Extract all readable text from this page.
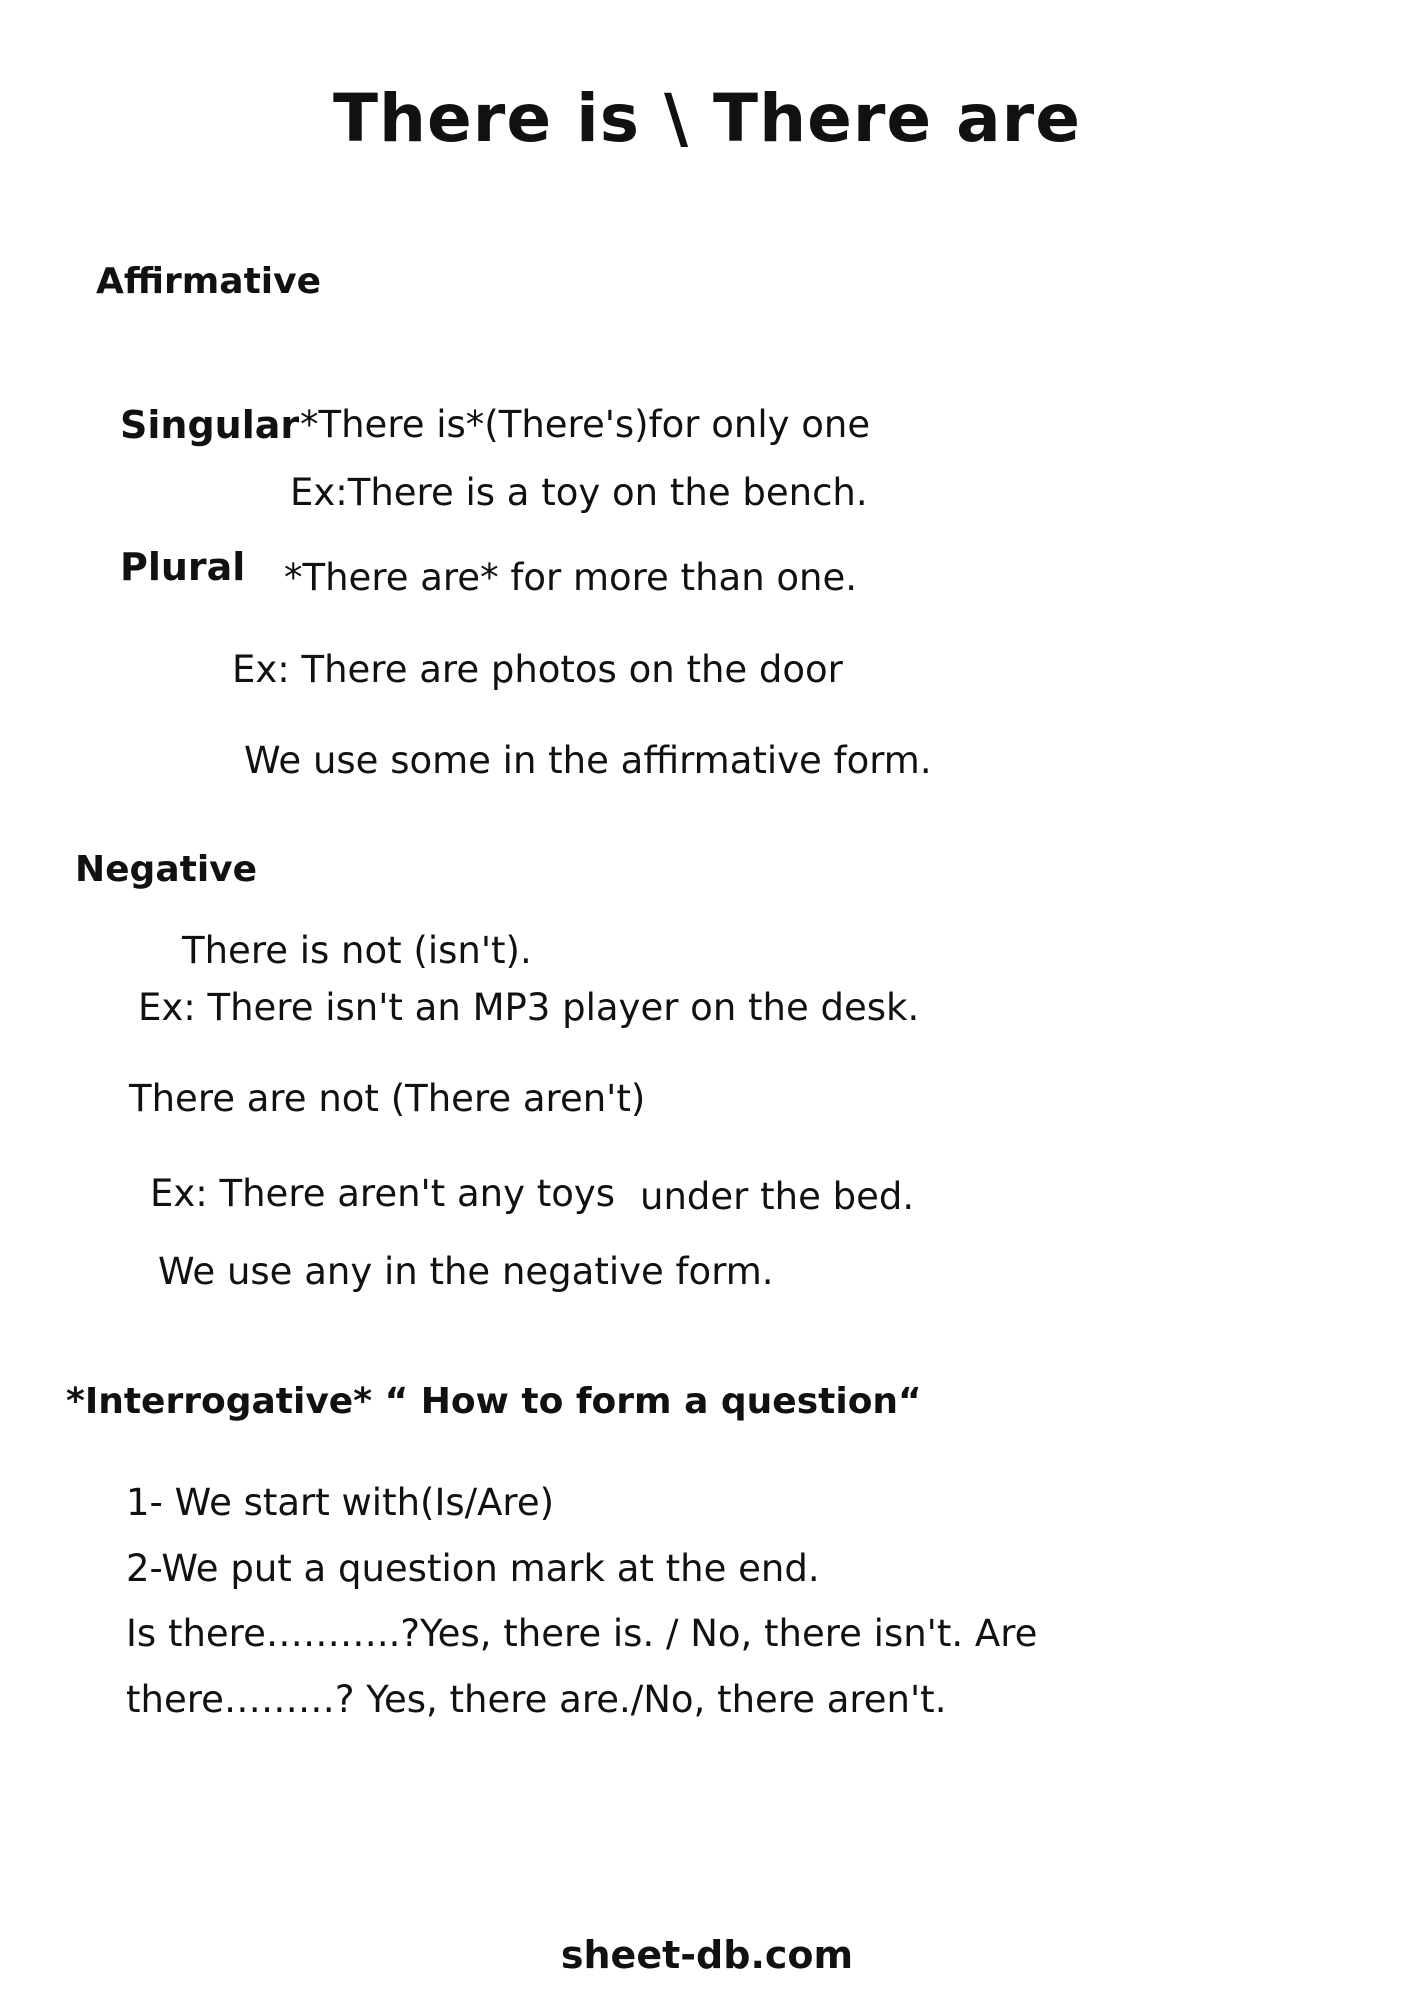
There is \ There are
Affirmative
Singular *There is*(There's)for only one
Ex:There is a toy on the bench.
Plural *There are* for more than one.
Ex: There are photos on the door
We use some in the affirmative form.
Negative
There is not (isn't).
Ex: There isn't an MP3 player on the desk.
There are not (There aren't)
Ex: There aren't any toys under the bed.
We use any in the negative form.
*Interrogative* “ How to form a question“
1- We start with(Is/Are)
2-We put a question mark at the end.
Is there………..?Yes, there is. / No, there isn't. Are
there………? Yes, there are./No, there aren't.
sheet-db.com
